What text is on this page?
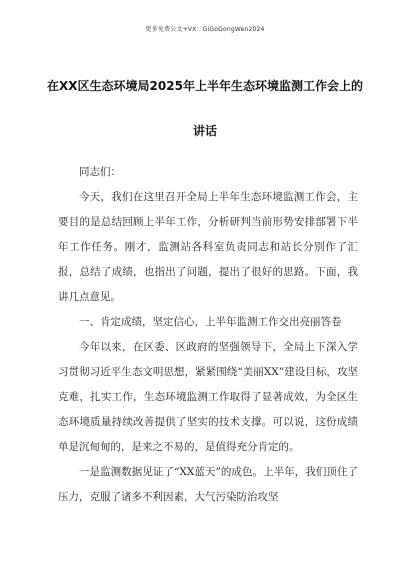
更多免费公文+VX：GiGoGongWen2024
在XX区生态环境局2025年上半年生态环境监测工作会上的
讲话

同志们：

今天，我们在这里召开全局上半年生态环境监测工作会，主要目的是总结回顾上半年工作，分析研判当前形势安排部署下半年工作任务。刚才，监测站各科室负责同志和站长分别作了汇报，总结了成绩，也指出了问题，提出了很好的思路。下面，我讲几点意见。

一、肯定成绩，坚定信心，上半年监测工作交出亮丽答卷

今年以来，在区委、区政府的坚强领导下，全局上下深入学习贯彻习近平生态文明思想，紧紧围绕“美丽XX”建设目标，攻坚克难，扎实工作，生态环境监测工作取得了显著成效，为全区生态环境质量持续改善提供了坚实的技术支撑。可以说，这份成绩单是沉甸甸的，是来之不易的，是值得充分肯定的。

一是监测数据见证了“XX蓝天”的成色。上半年，我们顶住了压力，克服了诸多不利因素，大气污染防治攻坚
